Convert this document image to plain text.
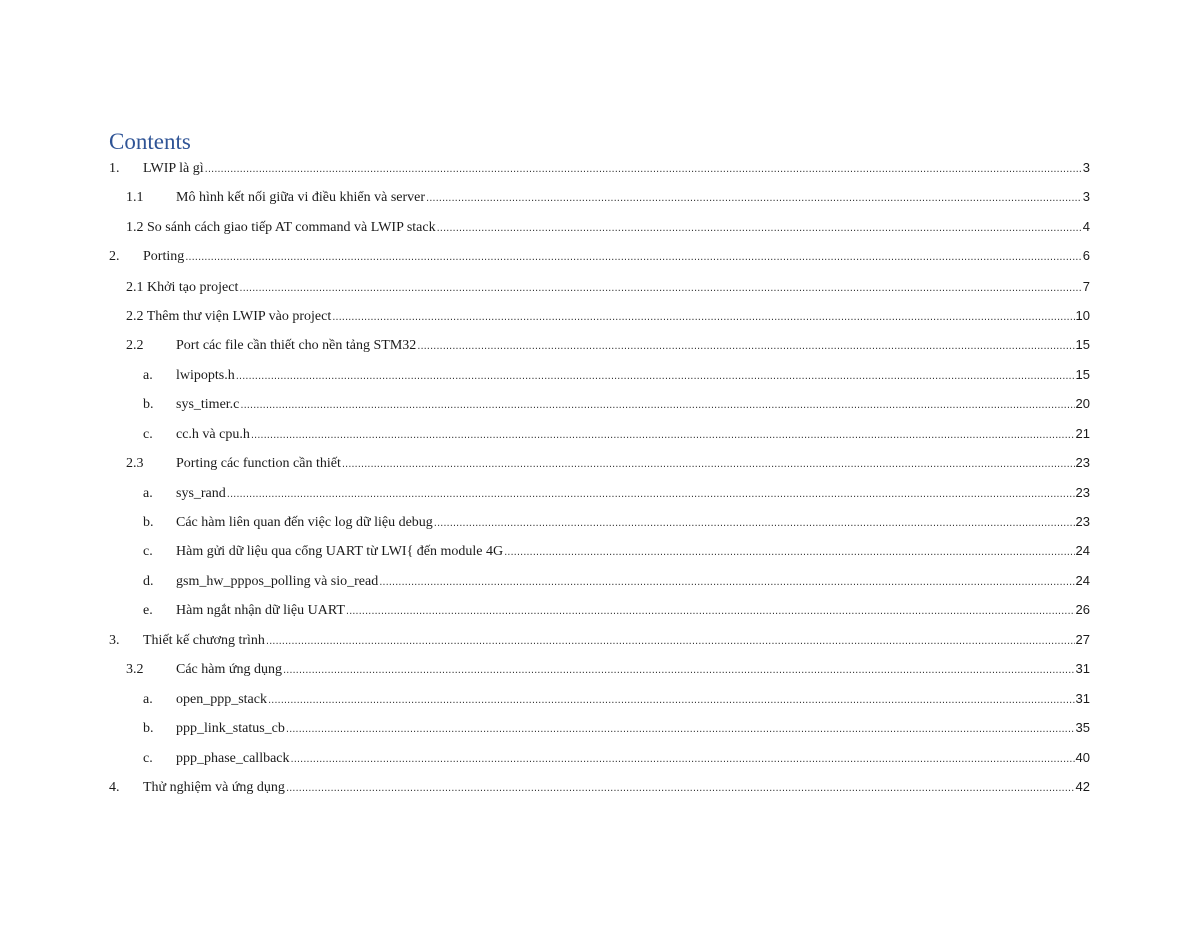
Contents
1.	LWIP là gì .....	3
1.1	Mô hình kết nối giữa vi điều khiển và server .....	3
1.2 So sánh cách giao tiếp AT command và LWIP stack .....	4
2.	Porting .....	6
2.1 Khởi tạo project .....	7
2.2 Thêm thư viện LWIP vào project .....	10
2.2	Port các file cần thiết cho nền tảng STM32 .....	15
a.	lwipopts.h .....	15
b.	sys_timer.c .....	20
c.	cc.h và cpu.h .....	21
2.3	Porting các function cần thiết .....	23
a.	sys_rand .....	23
b.	Các hàm liên quan đến việc log dữ liệu debug .....	23
c.	Hàm gửi dữ liệu qua cổng UART từ LWI{ đến module 4G .....	24
d.	gsm_hw_pppos_polling và sio_read .....	24
e.	Hàm ngắt nhận dữ liệu UART .....	26
3.	Thiết kế chương trình .....	27
3.2	Các hàm ứng dụng .....	31
a.	open_ppp_stack .....	31
b.	ppp_link_status_cb .....	35
c.	ppp_phase_callback .....	40
4.	Thử nghiệm và ứng dụng .....	42
